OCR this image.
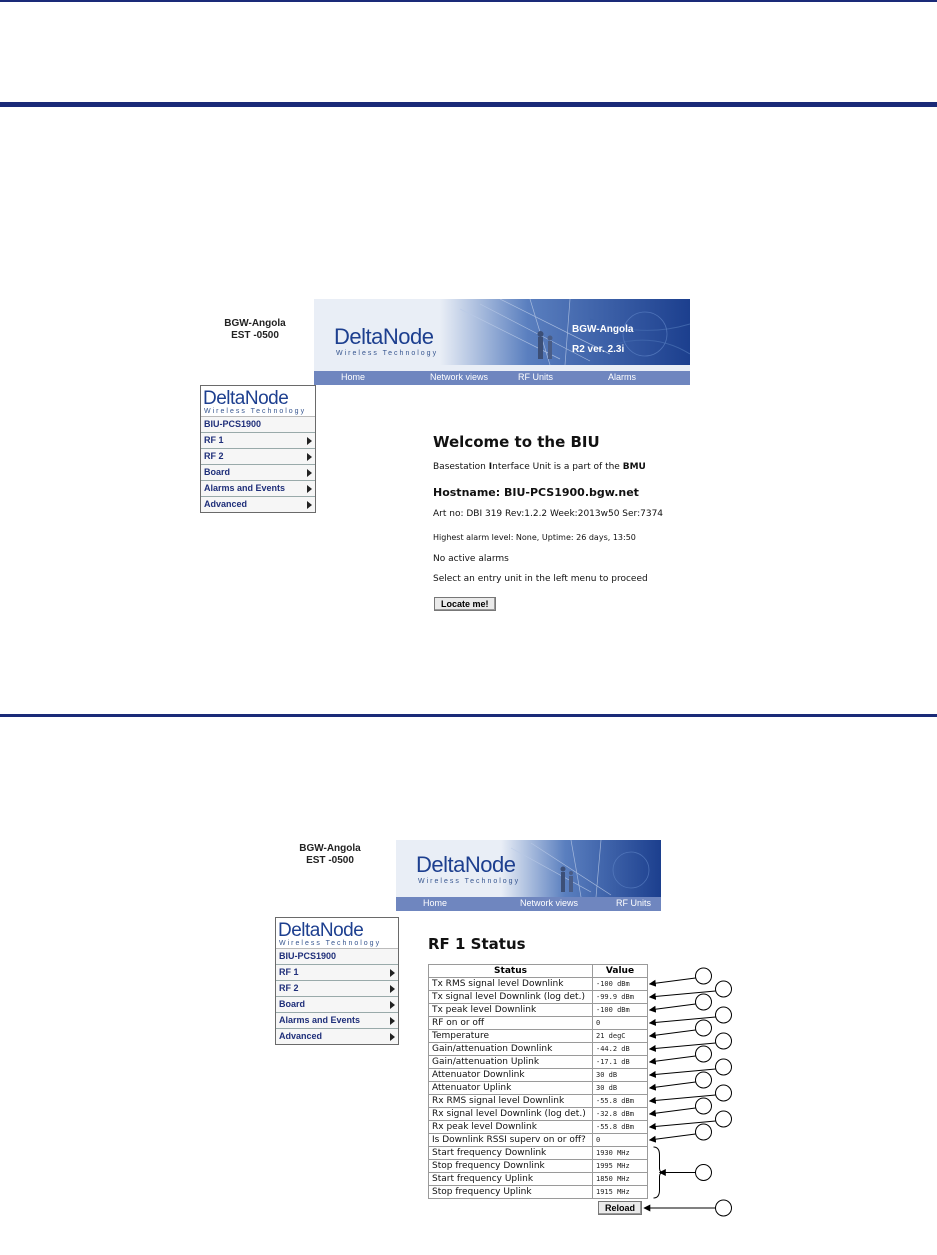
BGW-Angola
EST -0500	DeltaNode
Wireless Technology
BGW-Angola
R2 ver. 2.3i
Home	Network views	RF Units	Alarms
DeltaNode
Wireless Technology
BIU-PCS1900
RF 1
RF 2
Board
Alarms and Events
Advanced
Welcome to the BIU
Basestation Interface Unit is a part of the BMU
Hostname: BIU-PCS1900.bgw.net
Art no: DBI 319 Rev:1.2.2 Week:2013w50 Ser:7374
Highest alarm level: None, Uptime: 26 days, 13:50
No active alarms
Select an entry unit in the left menu to proceed
Locate me!
BGW-Angola
EST -0500	DeltaNode
Wireless Technology
Home	Network views	RF Units
DeltaNode
Wireless Technology
BIU-PCS1900
RF 1
RF 2
Board
Alarms and Events
Advanced
RF 1 Status
Status	Value
Tx RMS signal level Downlink	-100 dBm
Tx signal level Downlink (log det.)	-99.9 dBm
Tx peak level Downlink	-100 dBm
RF on or off	0
Temperature	21 degC
Gain/attenuation Downlink	-44.2 dB
Gain/attenuation Uplink	-17.1 dB
Attenuator Downlink	30 dB
Attenuator Uplink	30 dB
Rx RMS signal level Downlink	-55.8 dBm
Rx signal level Downlink (log det.)	-32.8 dBm
Rx peak level Downlink	-55.8 dBm
Is Downlink RSSI superv on or off?	0
Start frequency Downlink	1930 MHz
Stop frequency Downlink	1995 MHz
Start frequency Uplink	1850 MHz
Stop frequency Uplink	1915 MHz
	Reload
